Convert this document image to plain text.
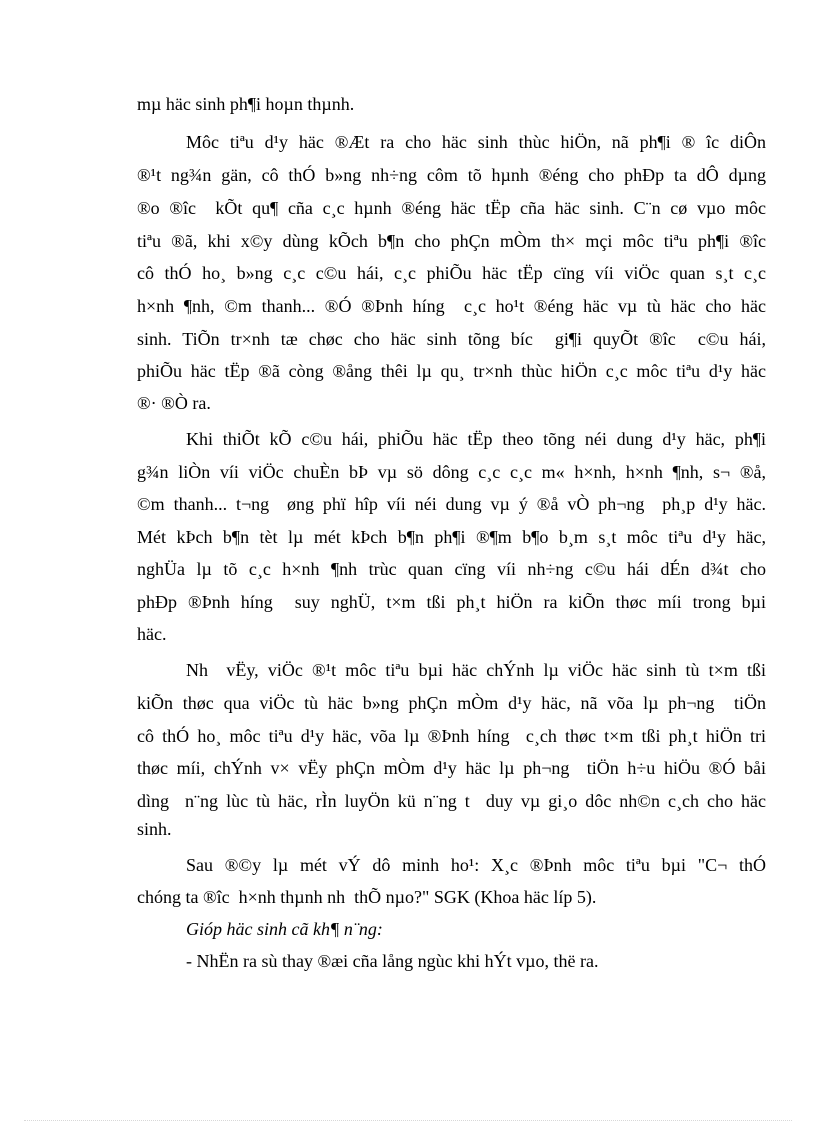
mµ häc sinh ph¶i hoµn thµnh.
Môc tiªu d¹y häc ®Æt ra cho häc sinh thùc hiÖn, nã ph¶i ® îc diÔn
®¹t ng¾n gän, cô thÓ b»ng nh÷ng côm tõ hµnh ®éng cho phÐp ta dÔ dµng
®o ®îc  kÕt qu¶ cña c¸c hµnh ®éng häc tËp cña häc sinh. C¨n cø vµo môc
tiªu ®ã, khi x©y dùng kÕch b¶n cho phÇn mÒm th× mçi môc tiªu ph¶i ®îc
cô thÓ ho¸ b»ng c¸c c©u hái, c¸c phiÕu häc tËp cïng víi viÖc quan s¸t c¸c
h×nh ¶nh, ©m thanh... ®Ó ®Þnh híng  c¸c ho¹t ®éng häc vµ tù häc cho häc
sinh. TiÕn tr×nh tæ chøc cho häc sinh tõng bíc  gi¶i quyÕt ®îc  c©u hái,
phiÕu häc tËp ®ã còng ®ång thêi lµ qu¸ tr×nh thùc hiÖn c¸c môc tiªu d¹y häc
®· ®Ò ra.
Khi thiÕt kÕ c©u hái, phiÕu häc tËp theo tõng néi dung d¹y häc, ph¶i
g¾n liÒn víi viÖc chuÈn bÞ vµ sö dông c¸c c¸c m« h×nh, h×nh ¶nh, s¬ ®å,
©m thanh... t¬ng  øng phï hîp víi néi dung vµ ý ®å vÒ ph¬ng  ph¸p d¹y häc.
Mét kÞch b¶n tèt lµ mét kÞch b¶n ph¶i ®¶m b¶o b¸m s¸t môc tiªu d¹y häc,
nghÜa lµ tõ c¸c h×nh ¶nh trùc quan cïng víi nh÷ng c©u hái dÉn d¾t cho
phÐp ®Þnh híng  suy nghÜ, t×m tßi ph¸t hiÖn ra kiÕn thøc míi trong bµi
häc.
Nh  vËy, viÖc ®¹t môc tiªu bµi häc chÝnh lµ viÖc häc sinh tù t×m tßi
kiÕn thøc qua viÖc tù häc b»ng phÇn mÒm d¹y häc, nã võa lµ ph¬ng  tiÖn
cô thÓ ho¸ môc tiªu d¹y häc, võa lµ ®Þnh híng  c¸ch thøc t×m tßi ph¸t hiÖn tri
thøc míi, chÝnh v× vËy phÇn mÒm d¹y häc lµ ph¬ng  tiÖn h÷u hiÖu ®Ó båi
dìng  n¨ng lùc tù häc, rÌn luyÖn kü n¨ng t  duy vµ gi¸o dôc nh©n c¸ch cho häc
sinh.
Sau ®©y lµ mét vÝ dô minh ho¹: X¸c ®Þnh môc tiªu bµi "C¬ thÓ
chóng ta ®îc  h×nh thµnh nh  thÕ nµo?" SGK (Khoa häc líp 5).
Gióp häc sinh cã kh¶ n¨ng:
- NhËn ra sù thay ®æi cña lång ngùc khi hÝt vµo, thë ra.
